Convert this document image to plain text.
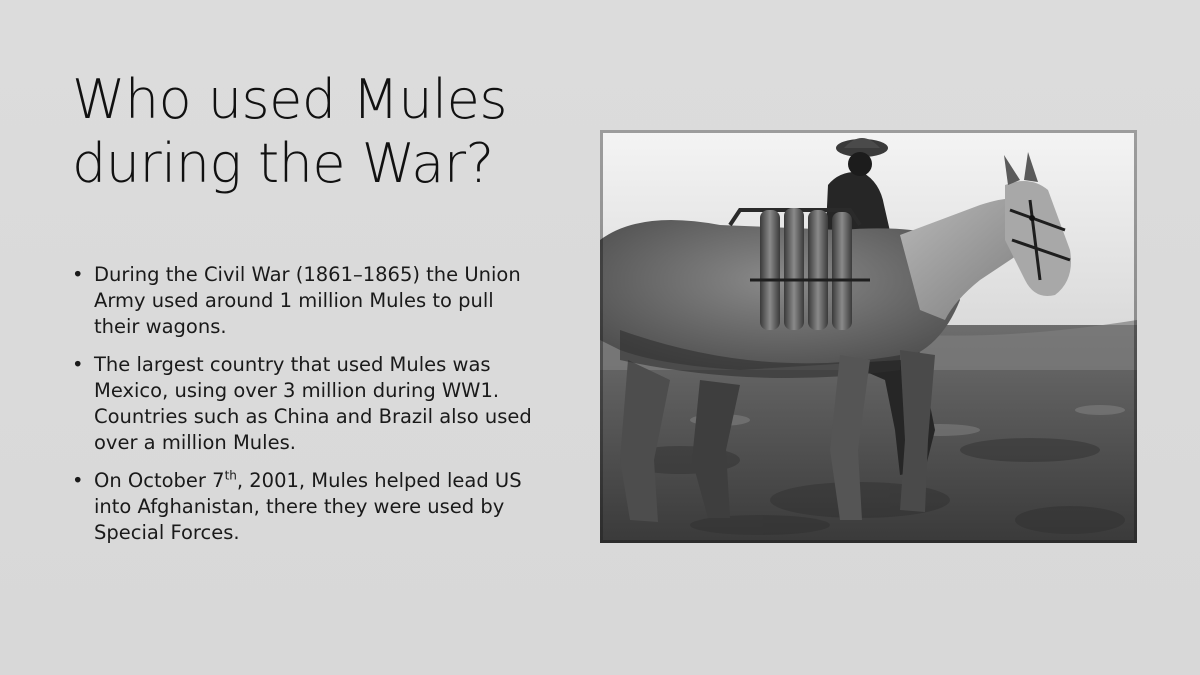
Who used Mules
during the War?
• During the Civil War (1861–1865) the Union Army used around 1 million Mules to pull their wagons.
• The largest country that used Mules was Mexico, using over 3 million during WW1. Countries such as China and Brazil also used over a million Mules.
• On October 7th, 2001, Mules helped lead US into Afghanistan, there they were used by Special Forces.
